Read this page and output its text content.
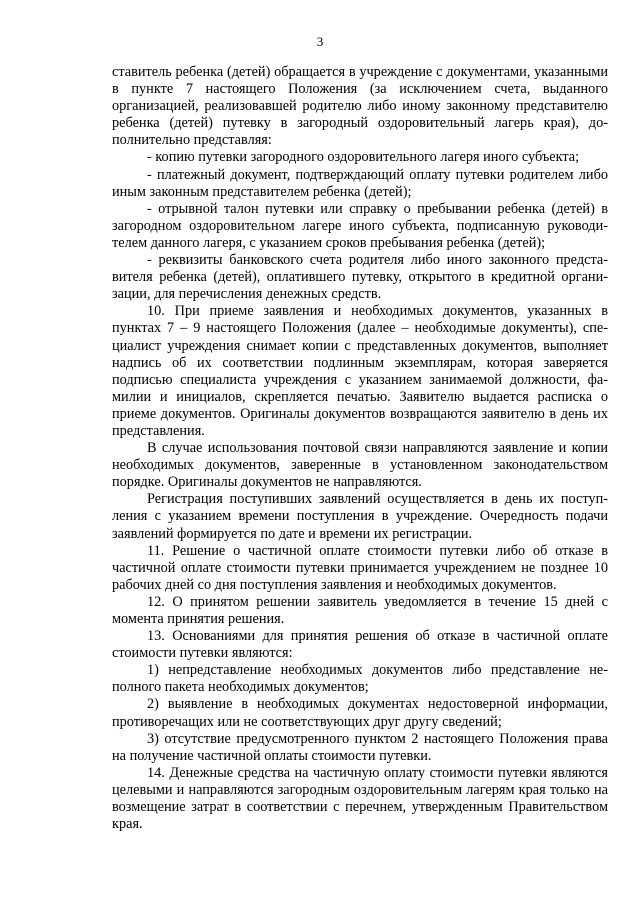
3

ставитель ребенка (детей) обращается в учреждение с документами, указанными в пункте 7 настоящего Положения (за исключением счета, выданного организацией, реализовавшей родителю либо иному законному представителю ребенка (детей) путевку в загородный оздоровительный лагерь края), дополнительно представляя:

- копию путевки загородного оздоровительного лагеря иного субъекта;

- платежный документ, подтверждающий оплату путевки родителем либо иным законным представителем ребенка (детей);

- отрывной талон путевки или справку о пребывании ребенка (детей) в загородном оздоровительном лагере иного субъекта, подписанную руководителем данного лагеря, с указанием сроков пребывания ребенка (детей);

- реквизиты банковского счета родителя либо иного законного представителя ребенка (детей), оплатившего путевку, открытого в кредитной организации, для перечисления денежных средств.

10. При приеме заявления и необходимых документов, указанных в пунктах 7 – 9 настоящего Положения (далее – необходимые документы), специалист учреждения снимает копии с представленных документов, выполняет надпись об их соответствии подлинным экземплярам, которая заверяется подписью специалиста учреждения с указанием занимаемой должности, фамилии и инициалов, скрепляется печатью. Заявителю выдается расписка о приеме документов. Оригиналы документов возвращаются заявителю в день их представления.

В случае использования почтовой связи направляются заявление и копии необходимых документов, заверенные в установленном законодательством порядке. Оригиналы документов не направляются.

Регистрация поступивших заявлений осуществляется в день их поступления с указанием времени поступления в учреждение. Очередность подачи заявлений формируется по дате и времени их регистрации.

11. Решение о частичной оплате стоимости путевки либо об отказе в частичной оплате стоимости путевки принимается учреждением не позднее 10 рабочих дней со дня поступления заявления и необходимых документов.

12. О принятом решении заявитель уведомляется в течение 15 дней с момента принятия решения.

13. Основаниями для принятия решения об отказе в частичной оплате стоимости путевки являются:

1) непредставление необходимых документов либо представление неполного пакета необходимых документов;

2) выявление в необходимых документах недостоверной информации, противоречащих или не соответствующих друг другу сведений;

3) отсутствие предусмотренного пунктом 2 настоящего Положения права на получение частичной оплаты стоимости путевки.

14. Денежные средства на частичную оплату стоимости путевки являются целевыми и направляются загородным оздоровительным лагерям края только на возмещение затрат в соответствии с перечнем, утвержденным Правительством края.
